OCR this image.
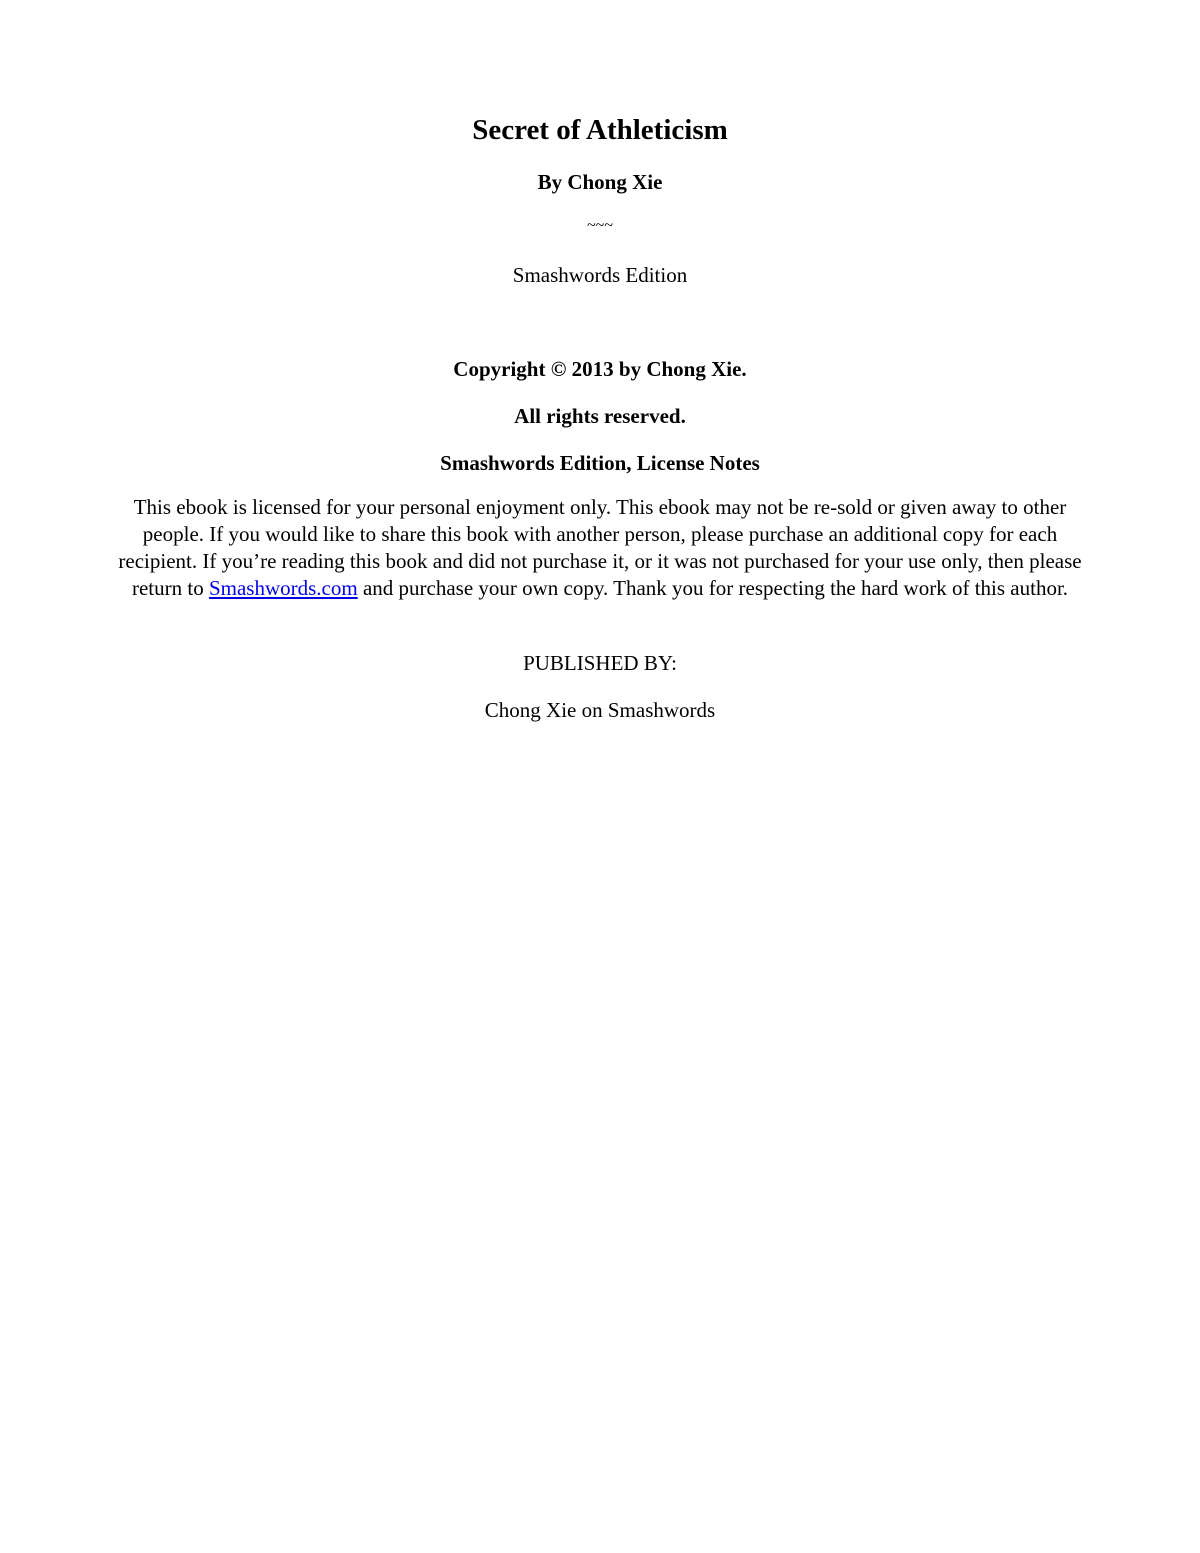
Secret of Athleticism
By Chong Xie
~~~
Smashwords Edition
Copyright © 2013 by Chong Xie.
All rights reserved.
Smashwords Edition, License Notes
This ebook is licensed for your personal enjoyment only. This ebook may not be re-sold or given away to other people. If you would like to share this book with another person, please purchase an additional copy for each recipient. If you’re reading this book and did not purchase it, or it was not purchased for your use only, then please return to Smashwords.com and purchase your own copy. Thank you for respecting the hard work of this author.
PUBLISHED BY:
Chong Xie on Smashwords
